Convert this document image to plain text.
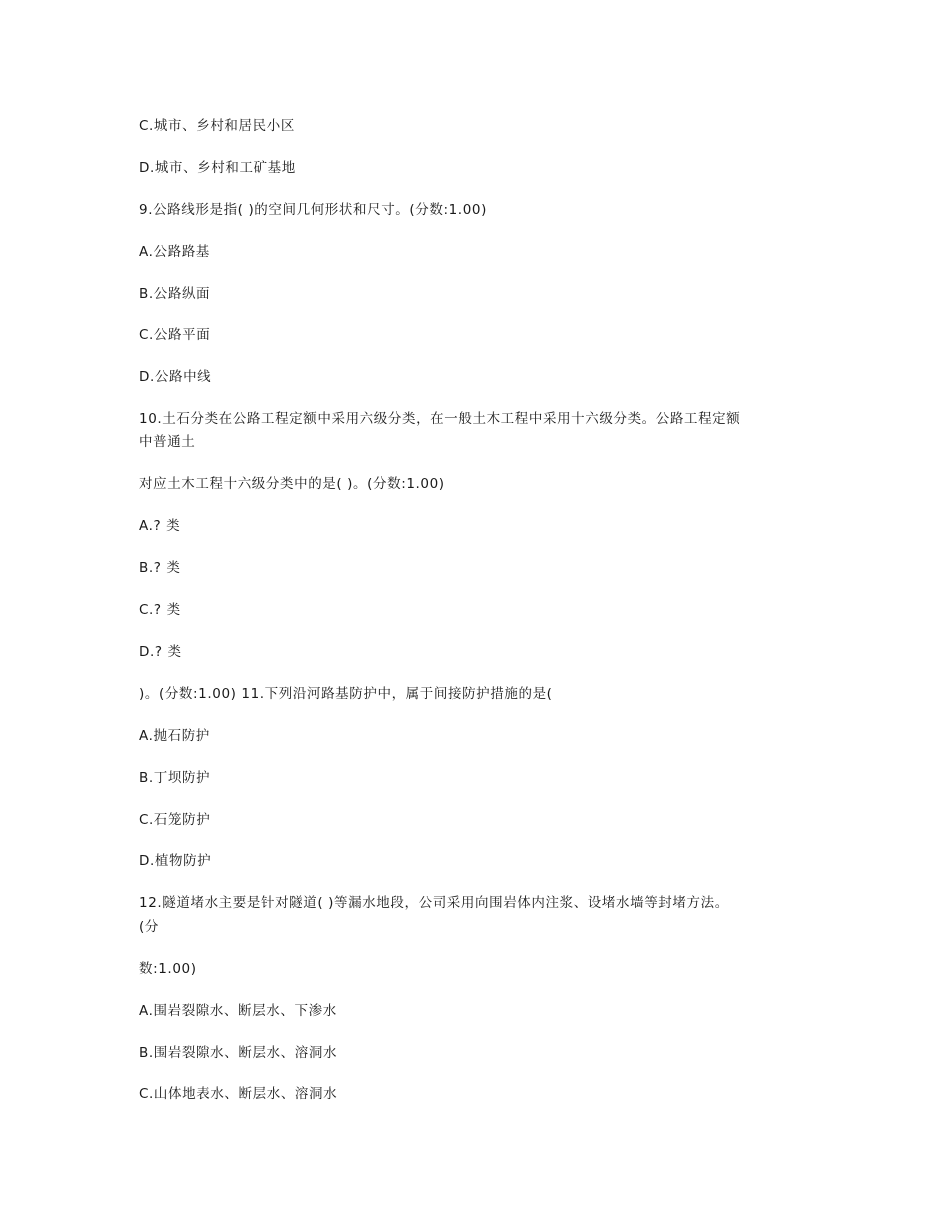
C.城市、乡村和居民小区
D.城市、乡村和工矿基地
9.公路线形是指( )的空间几何形状和尺寸。(分数:1.00)
A.公路路基
B.公路纵面
C.公路平面
D.公路中线
10.土石分类在公路工程定额中采用六级分类，在一般土木工程中采用十六级分类。公路工程定额
中普通土
对应土木工程十六级分类中的是( )。(分数:1.00)
A.? 类
B.? 类
C.? 类
D.? 类
)。(分数:1.00) 11.下列沿河路基防护中，属于间接防护措施的是(
A.抛石防护
B.丁坝防护
C.石笼防护
D.植物防护
12.隧道堵水主要是针对隧道( )等漏水地段，公司采用向围岩体内注浆、设堵水墙等封堵方法。
(分
数:1.00)
A.围岩裂隙水、断层水、下渗水
B.围岩裂隙水、断层水、溶洞水
C.山体地表水、断层水、溶洞水
